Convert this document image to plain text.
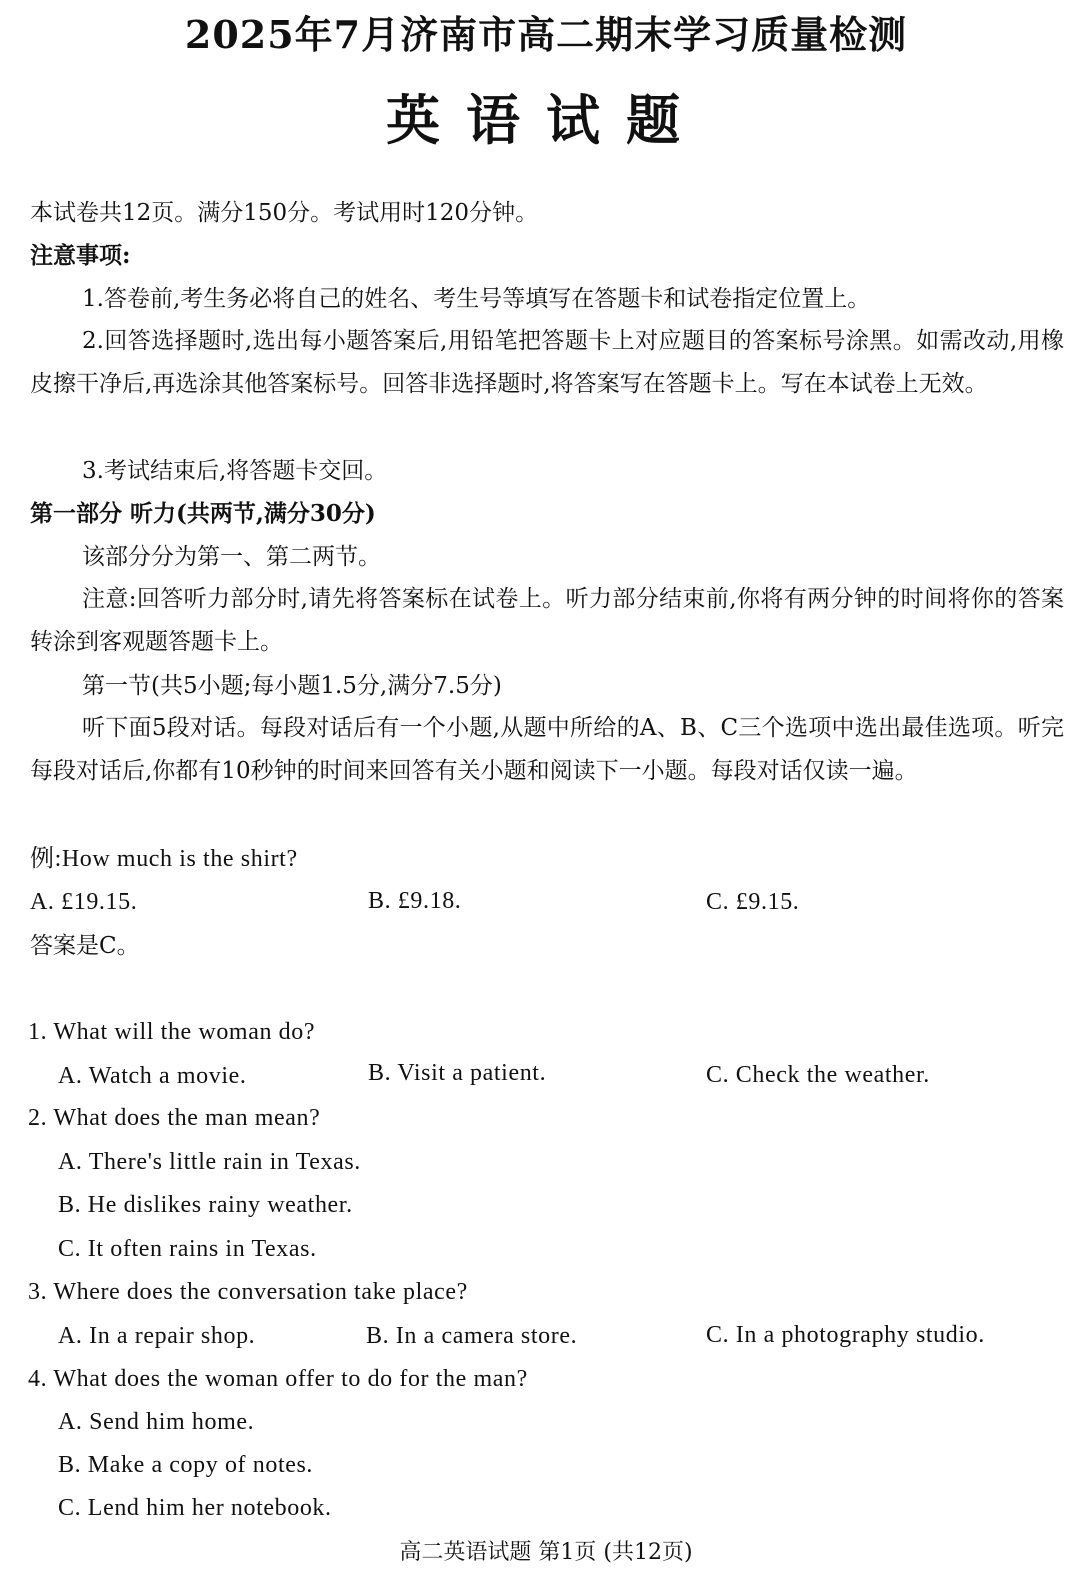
2025年7月济南市高二期末学习质量检测
英语试题
本试卷共12页。满分150分。考试用时120分钟。
注意事项:
1.答卷前,考生务必将自己的姓名、考生号等填写在答题卡和试卷指定位置上。
2.回答选择题时,选出每小题答案后,用铅笔把答题卡上对应题目的答案标号涂黑。如需改动,用橡皮擦干净后,再选涂其他答案标号。回答非选择题时,将答案写在答题卡上。写在本试卷上无效。
3.考试结束后,将答题卡交回。
第一部分 听力(共两节,满分30分)
该部分分为第一、第二两节。
注意:回答听力部分时,请先将答案标在试卷上。听力部分结束前,你将有两分钟的时间将你的答案转涂到客观题答题卡上。
第一节(共5小题;每小题1.5分,满分7.5分)
听下面5段对话。每段对话后有一个小题,从题中所给的A、B、C三个选项中选出最佳选项。听完每段对话后,你都有10秒钟的时间来回答有关小题和阅读下一小题。每段对话仅读一遍。
例:How much is the shirt?
A. £19.15.	B. £9.18.	C. £9.15.
答案是C。
1. What will the woman do?
A. Watch a movie.	B. Visit a patient.	C. Check the weather.
2. What does the man mean?
A. There's little rain in Texas.
B. He dislikes rainy weather.
C. It often rains in Texas.
3. Where does the conversation take place?
A. In a repair shop.	B. In a camera store.	C. In a photography studio.
4. What does the woman offer to do for the man?
A. Send him home.
B. Make a copy of notes.
C. Lend him her notebook.
高二英语试题 第1页 (共12页)
